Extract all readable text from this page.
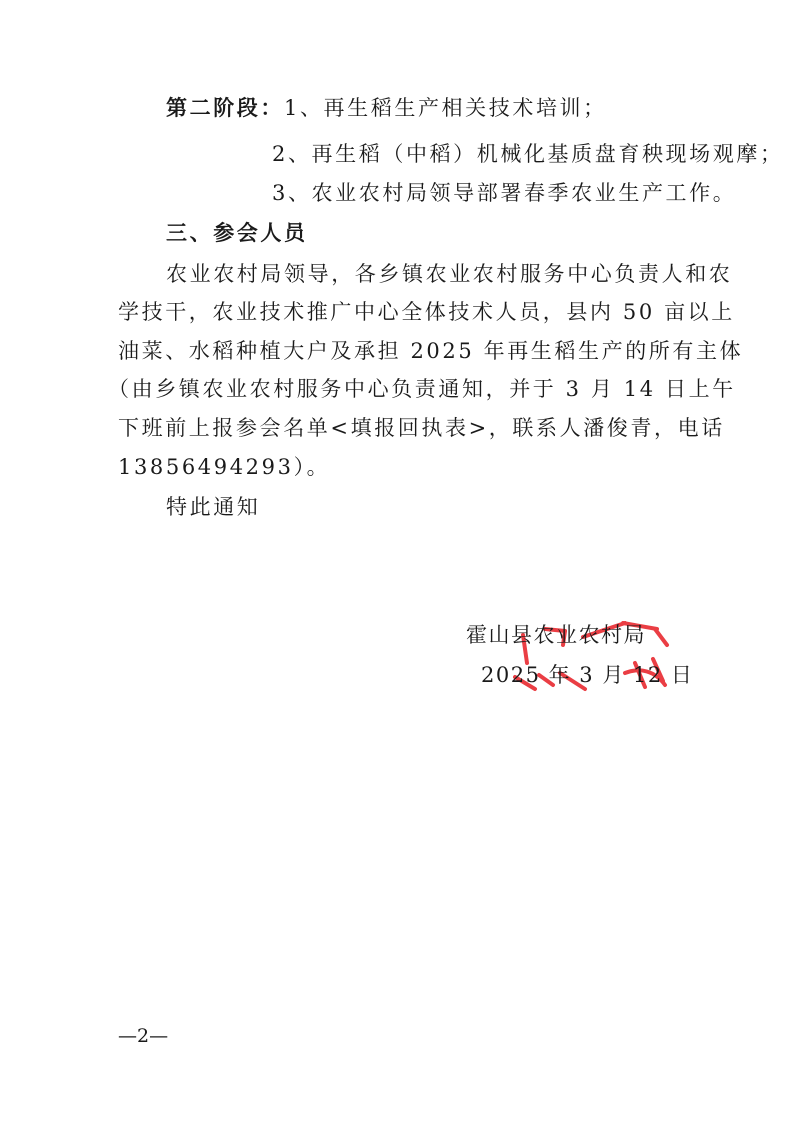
第二阶段：1、再生稻生产相关技术培训；
2、再生稻（中稻）机械化基质盘育秧现场观摩；
3、农业农村局领导部署春季农业生产工作。
三、参会人员
农业农村局领导，各乡镇农业农村服务中心负责人和农
学技干，农业技术推广中心全体技术人员，县内 50 亩以上
油菜、水稻种植大户及承担 2025 年再生稻生产的所有主体
（由乡镇农业农村服务中心负责通知，并于 3 月 14 日上午
下班前上报参会名单<填报回执表>，联系人潘俊青，电话
13856494293）。
特此通知
霍山县农业农村局
2025 年 3 月 12 日
—2—
